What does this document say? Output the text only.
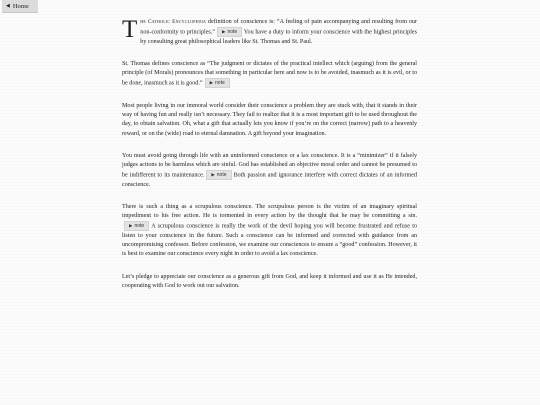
◀ Home

The Catholic Encyclopedia definition of conscience is: “A feeling of pain accompanying and resulting from our non-conformity to principles.” ▶ note You have a duty to inform your conscience with the highest principles by consulting great philosophical leaders like St. Thomas and St. Paul.

St. Thomas defines conscience as “The judgment or dictates of the practical intellect which (arguing) from the general principle (of Morals) pronounces that something in particular here and now is to be avoided, inasmuch as it is evil, or to be done, inasmuch as it is good.” ▶ note

Most people living in our immoral world consider their conscience a problem they are stuck with, that it stands in their way of having fun and really isn’t necessary. They fail to realize that it is a most important gift to be used throughout the day, to obtain salvation. Oh, what a gift that actually lets you know if you’re on the correct (narrow) path to a heavenly reward, or on the (wide) road to eternal damnation. A gift beyond your imagination.

You must avoid going through life with an uninformed conscience or a lax conscience. It is a “minimizer” if it falsely judges actions to be harmless which are sinful. God has established an objective moral order and cannot be presumed to be indifferent to its maintenance. ▶ note Both passion and ignorance interfere with correct dictates of an informed conscience.

There is such a thing as a scrupulous conscience. The scrupulous person is the victim of an imaginary spiritual impediment to his free action. He is tormented in every action by the thought that he may be committing a sin.▶ note A scrupulous conscience is really the work of the devil hoping you will become frustrated and refuse to listen to your conscience in the future. Such a conscience can be informed and corrected with guidance from an uncompromising confessor. Before confession, we examine our consciences to ensure a “good” confession. However, it is best to examine our conscience every night in order to avoid a lax conscience.

Let’s pledge to appreciate our conscience as a generous gift from God, and keep it informed and use it as He intended, cooperating with God to work out our salvation.
